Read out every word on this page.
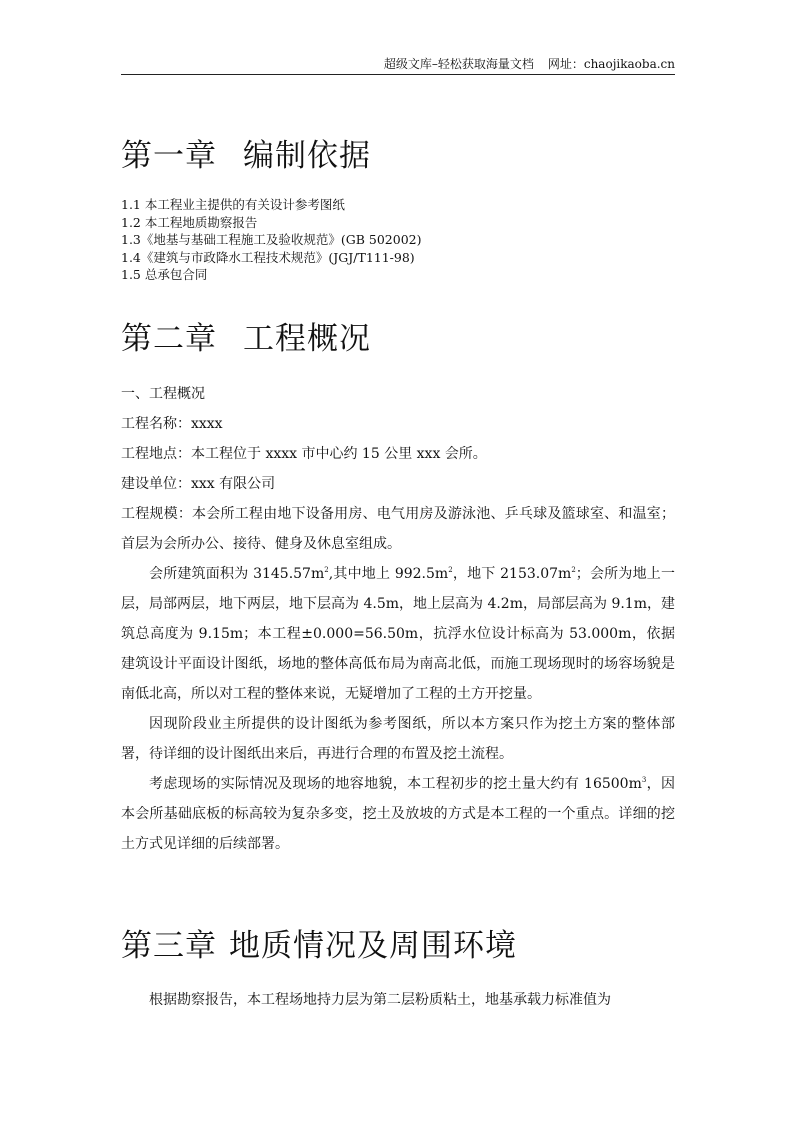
超级文库–轻松获取海量文档 网址：chaojikaoba.cn
第一章 编制依据
1.1 本工程业主提供的有关设计参考图纸
1.2 本工程地质勘察报告
1.3《地基与基础工程施工及验收规范》(GB 502002)
1.4《建筑与市政降水工程技术规范》(JGJ/T111-98)
1.5 总承包合同
第二章 工程概况

一、工程概况

工程名称：xxxx

工程地点：本工程位于 xxxx 市中心约 15 公里 xxx 会所。

建设单位：xxx 有限公司

工程规模：本会所工程由地下设备用房、电气用房及游泳池、乒乓球及篮球室、和温室；首层为会所办公、接待、健身及休息室组成。

会所建筑面积为 $3145.57m^2$,其中地上 $992.5m^2$，地下 $2153.07m^2$；会所为地上一层，局部两层，地下两层，地下层高为 4.5m，地上层高为 4.2m，局部层高为 9.1m，建筑总高度为 9.15m；本工程±0.000=56.50m，抗浮水位设计标高为 53.000m，依据建筑设计平面设计图纸，场地的整体高低布局为南高北低，而施工现场现时的场容场貌是南低北高，所以对工程的整体来说，无疑增加了工程的土方开挖量。

因现阶段业主所提供的设计图纸为参考图纸，所以本方案只作为挖土方案的整体部署，待详细的设计图纸出来后，再进行合理的布置及挖土流程。

考虑现场的实际情况及现场的地容地貌，本工程初步的挖土量大约有 $16500m^3$，因本会所基础底板的标高较为复杂多变，挖土及放坡的方式是本工程的一个重点。详细的挖土方式见详细的后续部署。

第三章 地质情况及周围环境

根据勘察报告，本工程场地持力层为第二层粉质粘土，地基承载力标准值为
